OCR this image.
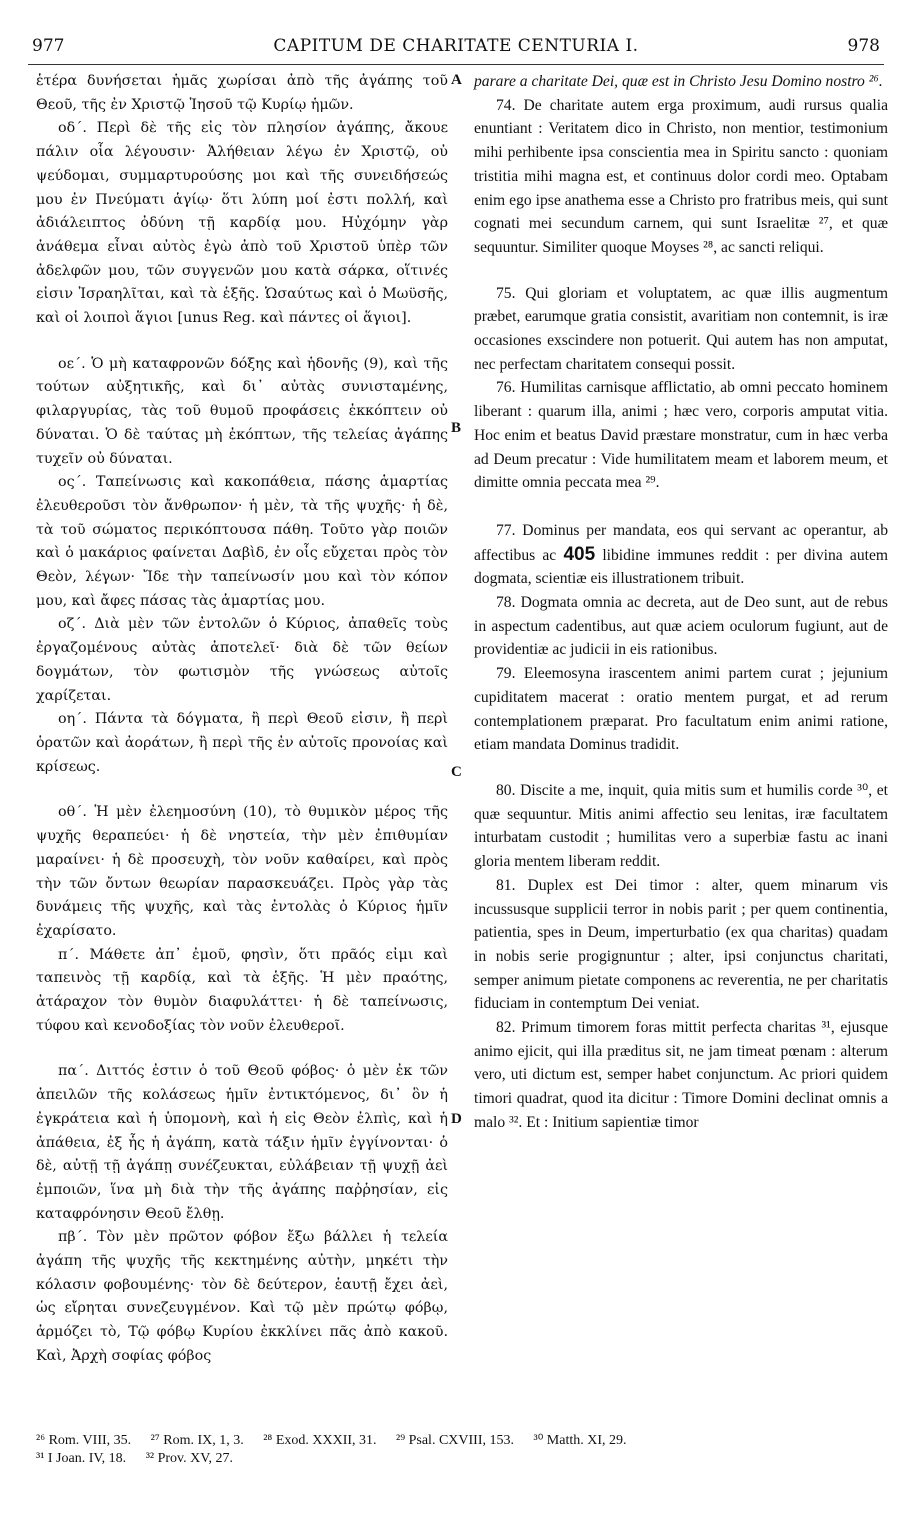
977	CAPITUM DE CHARITATE CENTURIA I.	978

ἑτέρα δυνήσεται ἡμᾶς χωρίσαι ἀπὸ τῆς ἀγάπης τοῦ Θεοῦ, τῆς ἐν Χριστῷ Ἰησοῦ τῷ Κυρίῳ ἡμῶν.

οδ΄. Περὶ δὲ τῆς εἰς τὸν πλησίον ἀγάπης, ἄκουε πάλιν οἷα λέγουσιν· Ἀλήθειαν λέγω ἐν Χριστῷ, οὐ ψεύδομαι, συμμαρτυρούσης μοι καὶ τῆς συνειδήσεώς μου ἐν Πνεύματι ἁγίῳ· ὅτι λύπη μοί ἐστι πολλή, καὶ ἀδιάλειπτος ὀδύνη τῇ καρδίᾳ μου. Ηὐχόμην γὰρ ἀνάθεμα εἶναι αὐτὸς ἐγὼ ἀπὸ τοῦ Χριστοῦ ὑπὲρ τῶν ἀδελφῶν μου, τῶν συγγενῶν μου κατὰ σάρκα, οἵτινές εἰσιν Ἰσραηλῖται, καὶ τὰ ἑξῆς. Ὡσαύτως καὶ ὁ Μωϋσῆς, καὶ οἱ λοιποὶ ἅγιοι [unus Reg. καὶ πάντες οἱ ἅγιοι].

οε΄. Ὁ μὴ καταφρονῶν δόξης καὶ ἡδονῆς (9), καὶ τῆς τούτων αὐξητικῆς, καὶ δι᾽ αὐτὰς συνισταμένης, φιλαργυρίας, τὰς τοῦ θυμοῦ προφάσεις ἐκκόπτειν οὐ δύναται. Ὁ δὲ ταύτας μὴ ἐκόπτων, τῆς τελείας ἀγάπης τυχεῖν οὐ δύναται.

ος΄. Ταπείνωσις καὶ κακοπάθεια, πάσης ἁμαρτίας ἐλευθεροῦσι τὸν ἄνθρωπον· ἡ μὲν, τὰ τῆς ψυχῆς· ἡ δὲ, τὰ τοῦ σώματος περικόπτουσα πάθη. Τοῦτο γὰρ ποιῶν καὶ ὁ μακάριος φαίνεται Δαβὶδ, ἐν οἷς εὔχεται πρὸς τὸν Θεὸν, λέγων· Ἴδε τὴν ταπείνωσίν μου καὶ τὸν κόπον μου, καὶ ἄφες πάσας τὰς ἁμαρτίας μου.

οζ΄. Διὰ μὲν τῶν ἐντολῶν ὁ Κύριος, ἀπαθεῖς τοὺς ἐργαζομένους αὐτὰς ἀποτελεῖ· διὰ δὲ τῶν θείων δογμάτων, τὸν φωτισμὸν τῆς γνώσεως αὐτοῖς χαρίζεται.

οη΄. Πάντα τὰ δόγματα, ἢ περὶ Θεοῦ εἰσιν, ἢ περὶ ὁρατῶν καὶ ἀοράτων, ἢ περὶ τῆς ἐν αὐτοῖς προνοίας καὶ κρίσεως.

οθ΄. Ἡ μὲν ἐλεημοσύνη (10), τὸ θυμικὸν μέρος τῆς ψυχῆς θεραπεύει· ἡ δὲ νηστεία, τὴν μὲν ἐπιθυμίαν μαραίνει· ἡ δὲ προσευχὴ, τὸν νοῦν καθαίρει, καὶ πρὸς τὴν τῶν ὄντων θεωρίαν παρασκευάζει. Πρὸς γὰρ τὰς δυνάμεις τῆς ψυχῆς, καὶ τὰς ἐντολὰς ὁ Κύριος ἡμῖν ἐχαρίσατο.

π΄. Μάθετε ἀπ᾽ ἐμοῦ, φησὶν, ὅτι πρᾶός εἰμι καὶ ταπεινὸς τῇ καρδίᾳ, καὶ τὰ ἑξῆς. Ἡ μὲν πραότης, ἀτάραχον τὸν θυμὸν διαφυλάττει· ἡ δὲ ταπείνωσις, τύφου καὶ κενοδοξίας τὸν νοῦν ἐλευθεροῖ.

πα΄. Διττός ἐστιν ὁ τοῦ Θεοῦ φόβος· ὁ μὲν ἐκ τῶν ἀπειλῶν τῆς κολάσεως ἡμῖν ἐντικτόμενος, δι᾽ ὃν ἡ ἐγκράτεια καὶ ἡ ὑπομονὴ, καὶ ἡ εἰς Θεὸν ἐλπὶς, καὶ ἡ ἀπάθεια, ἐξ ἧς ἡ ἀγάπη, κατὰ τάξιν ἡμῖν ἐγγίνονται· ὁ δὲ, αὐτῇ τῇ ἀγάπῃ συνέζευκται, εὐλάβειαν τῇ ψυχῇ ἀεὶ ἐμποιῶν, ἵνα μὴ διὰ τὴν τῆς ἀγάπης παῤῥησίαν, εἰς καταφρόνησιν Θεοῦ ἔλθῃ.

πβ΄. Τὸν μὲν πρῶτον φόβον ἔξω βάλλει ἡ τελεία ἀγάπη τῆς ψυχῆς τῆς κεκτημένης αὐτὴν, μηκέτι τὴν κόλασιν φοβουμένης· τὸν δὲ δεύτερον, ἑαυτῇ ἔχει ἀεὶ, ὡς εἴρηται συνεζευγμένον. Καὶ τῷ μὲν πρώτῳ φόβῳ, ἁρμόζει τὸ, Τῷ φόβῳ Κυρίου ἐκκλίνει πᾶς ἀπὸ κακοῦ. Καὶ, Ἀρχὴ σοφίας φόβος

A
B
C
D

parare a charitate Dei, quæ est in Christo Jesu Domino nostro ²⁶.

74. De charitate autem erga proximum, audi rursus qualia enuntiant : Veritatem dico in Christo, non mentior, testimonium mihi perhibente ipsa conscientia mea in Spiritu sancto : quoniam tristitia mihi magna est, et continuus dolor cordi meo. Optabam enim ego ipse anathema esse a Christo pro fratribus meis, qui sunt cognati mei secundum carnem, qui sunt Israelitæ ²⁷, et quæ sequuntur. Similiter quoque Moyses ²⁸, ac sancti reliqui.

75. Qui gloriam et voluptatem, ac quæ illis augmentum præbet, earumque gratia consistit, avaritiam non contemnit, is iræ occasiones exscindere non potuerit. Qui autem has non amputat, nec perfectam charitatem consequi possit.

76. Humilitas carnisque afflictatio, ab omni peccato hominem liberant : quarum illa, animi ; hæc vero, corporis amputat vitia. Hoc enim et beatus David præstare monstratur, cum in hæc verba ad Deum precatur : Vide humilitatem meam et laborem meum, et dimitte omnia peccata mea ²⁹.

77. Dominus per mandata, eos qui servant ac operantur, ab affectibus ac 405 libidine immunes reddit : per divina autem dogmata, scientiæ eis illustrationem tribuit.

78. Dogmata omnia ac decreta, aut de Deo sunt, aut de rebus in aspectum cadentibus, aut quæ aciem oculorum fugiunt, aut de providentiæ ac judicii in eis rationibus.

79. Eleemosyna irascentem animi partem curat ; jejunium cupiditatem macerat : oratio mentem purgat, et ad rerum contemplationem præparat. Pro facultatum enim animi ratione, etiam mandata Dominus tradidit.

80. Discite a me, inquit, quia mitis sum et humilis corde ³⁰, et quæ sequuntur. Mitis animi affectio seu lenitas, iræ facultatem inturbatam custodit ; humilitas vero a superbiæ fastu ac inani gloria mentem liberam reddit.

81. Duplex est Dei timor : alter, quem minarum vis incussusque supplicii terror in nobis parit ; per quem continentia, patientia, spes in Deum, imperturbatio (ex qua charitas) quadam in nobis serie progignuntur ; alter, ipsi conjunctus charitati, semper animum pietate componens ac reverentia, ne per charitatis fiduciam in contemptum Dei veniat.

82. Primum timorem foras mittit perfecta charitas ³¹, ejusque animo ejicit, qui illa præditus sit, ne jam timeat pœnam : alterum vero, uti dictum est, semper habet conjunctum. Ac priori quidem timori quadrat, quod ita dicitur : Timore Domini declinat omnis a malo ³². Et : Initium sapientiæ timor

²⁶ Rom. VIII, 35. ²⁷ Rom. IX, 1, 3. ²⁸ Exod. XXXII, 31. ²⁹ Psal. CXVIII, 153. ³⁰ Matth. XI, 29.
³¹ I Joan. IV, 18. ³² Prov. XV, 27.
